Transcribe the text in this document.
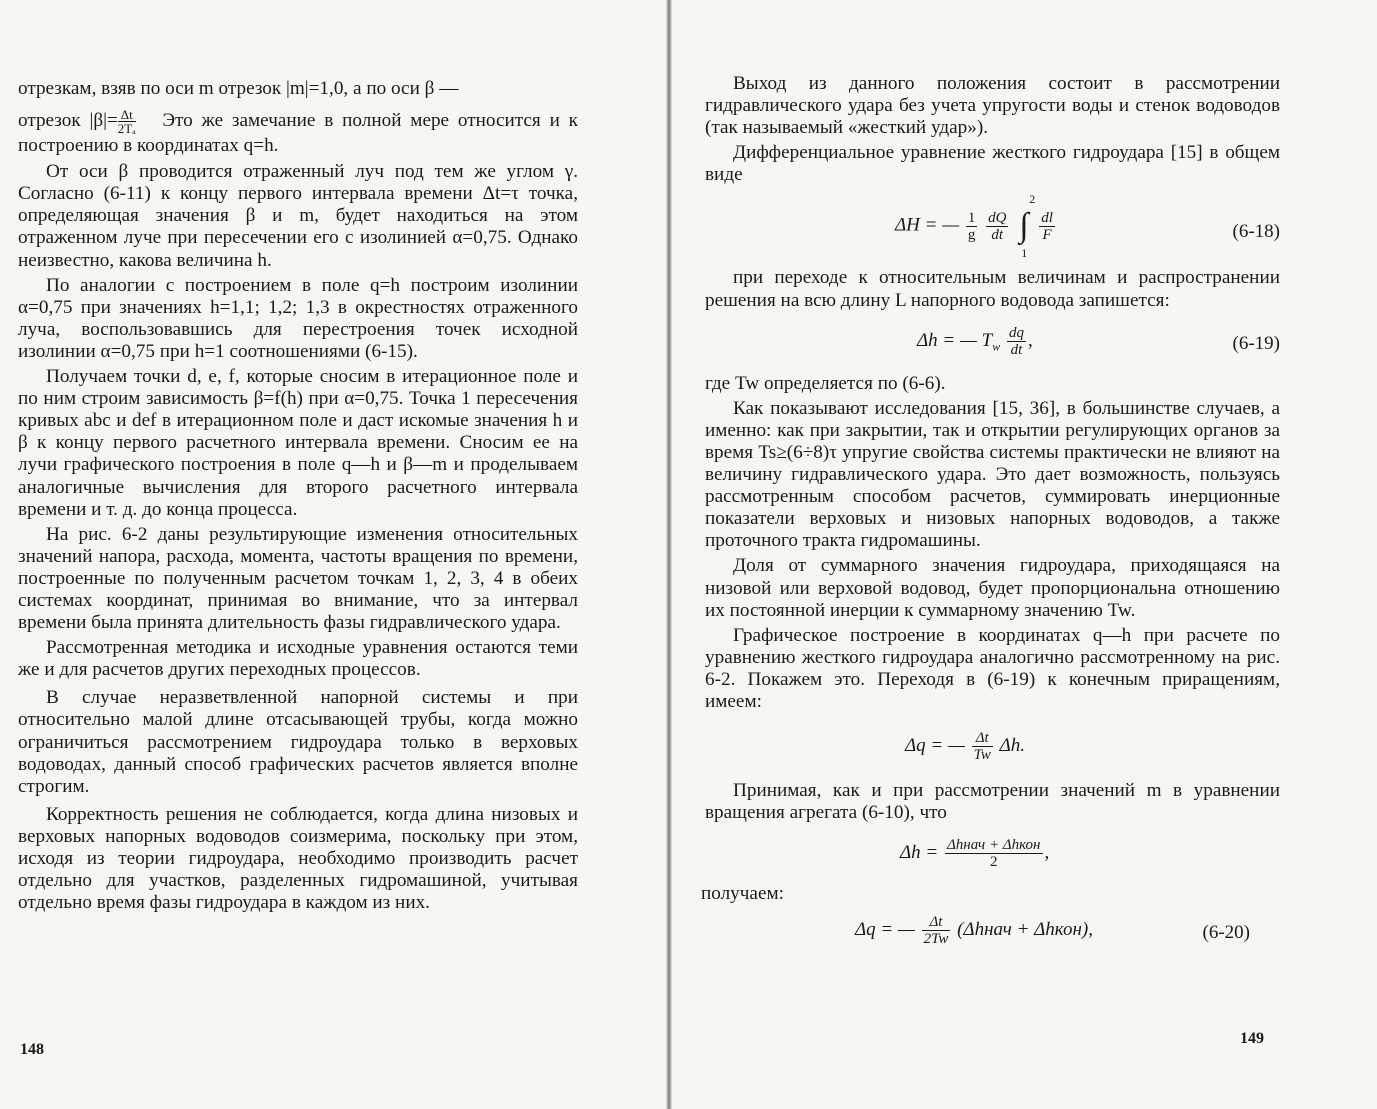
отрезкам, взяв по оси m отрезок |m|=1,0, а по оси β —

отрезок $|\beta|= \frac{\Delta t}{\text{2Tₐ}}$ Это же замечание в полной мере относится и к построению в координатах q=h.

От оси β проводится отраженный луч под тем же углом γ. Согласно (6-11) к концу первого интервала времени Δt=τ точка, определяющая значения β и m, будет находиться на этом отраженном луче при пересечении его с изолинией α=0,75. Однако неизвестно, какова величина h.

По аналогии с построением в поле q=h построим изолинии α=0,75 при значениях h=1,1; 1,2; 1,3 в окрестностях отраженного луча, воспользовавшись для перестроения точек исходной изолинии α=0,75 при h=1 соотношениями (6-15).

Получаем точки d, e, f, которые сносим в итерационное поле и по ним строим зависимость β=f(h) при α=0,75. Точка 1 пересечения кривых abc и def в итерационном поле и даст искомые значения h и β к концу первого расчетного интервала времени. Сносим ее на лучи графического построения в поле q—h и β—m и проделываем аналогичные вычисления для второго расчетного интервала времени и т. д. до конца процесса.

На рис. 6-2 даны результирующие изменения относительных значений напора, расхода, момента, частоты вращения по времени, построенные по полученным расчетом точкам 1, 2, 3, 4 в обеих системах координат, принимая во внимание, что за интервал времени была принята длительность фазы гидравлического удара.

Рассмотренная методика и исходные уравнения остаются теми же и для расчетов других переходных процессов.

В случае неразветвленной напорной системы и при относительно малой длине отсасывающей трубы, когда можно ограничиться рассмотрением гидроудара только в верховых водоводах, данный способ графических расчетов является вполне строгим.

Корректность решения не соблюдается, когда длина низовых и верховых напорных водоводов соизмерима, поскольку при этом, исходя из теории гидроудара, необходимо производить расчет отдельно для участков, разделенных гидромашиной, учитывая отдельно время фазы гидроудара в каждом из них.

148

Выход из данного положения состоит в рассмотрении гидравлического удара без учета упругости воды и стенок водоводов (так называемый «жесткий удар»).

Дифференциальное уравнение жесткого гидроудара [15] в общем виде

ΔH = — $\frac{1}{g}$
$\frac{dQ}{dt}$ ∫
2
1

$\frac{dl}{F}$	(6-18)

при переходе к относительным величинам и распространении решения на всю длину L напорного водовода запишется:

Δh = — $T_w \frac{dq}{dt}$ ,	(6-19)

где Tw определяется по (6-6).

Как показывают исследования [15, 36], в большинстве случаев, а именно: как при закрытии, так и открытии регулирующих органов за время Ts≥(6÷8)τ упругие свойства системы практически не влияют на величину гидравлического удара. Это дает возможность, пользуясь рассмотренным способом расчетов, суммировать инерционные показатели верховых и низовых напорных водоводов, а также проточного тракта гидромашины.

Доля от суммарного значения гидроудара, приходящаяся на низовой или верховой водовод, будет пропорциональна отношению их постоянной инерции к суммарному значению Tw.

Графическое построение в координатах q—h при расчете по уравнению жесткого гидроудара аналогично рассмотренному на рис. 6-2. Покажем это. Переходя в (6-19) к конечным приращениям, имеем:

Δq = — $\frac{\Delta t}{Tw} \Delta h$.

Принимая, как и при рассмотрении значений m в уравнении вращения агрегата (6-10), что

$\Delta h = \frac{\text{Δhнач + Δhкон}}{2}$ ,

получаем:

Δq = — $\frac{\Delta t}{2Tw}$ (Δhнач + Δhкон),	(6-20)
149
